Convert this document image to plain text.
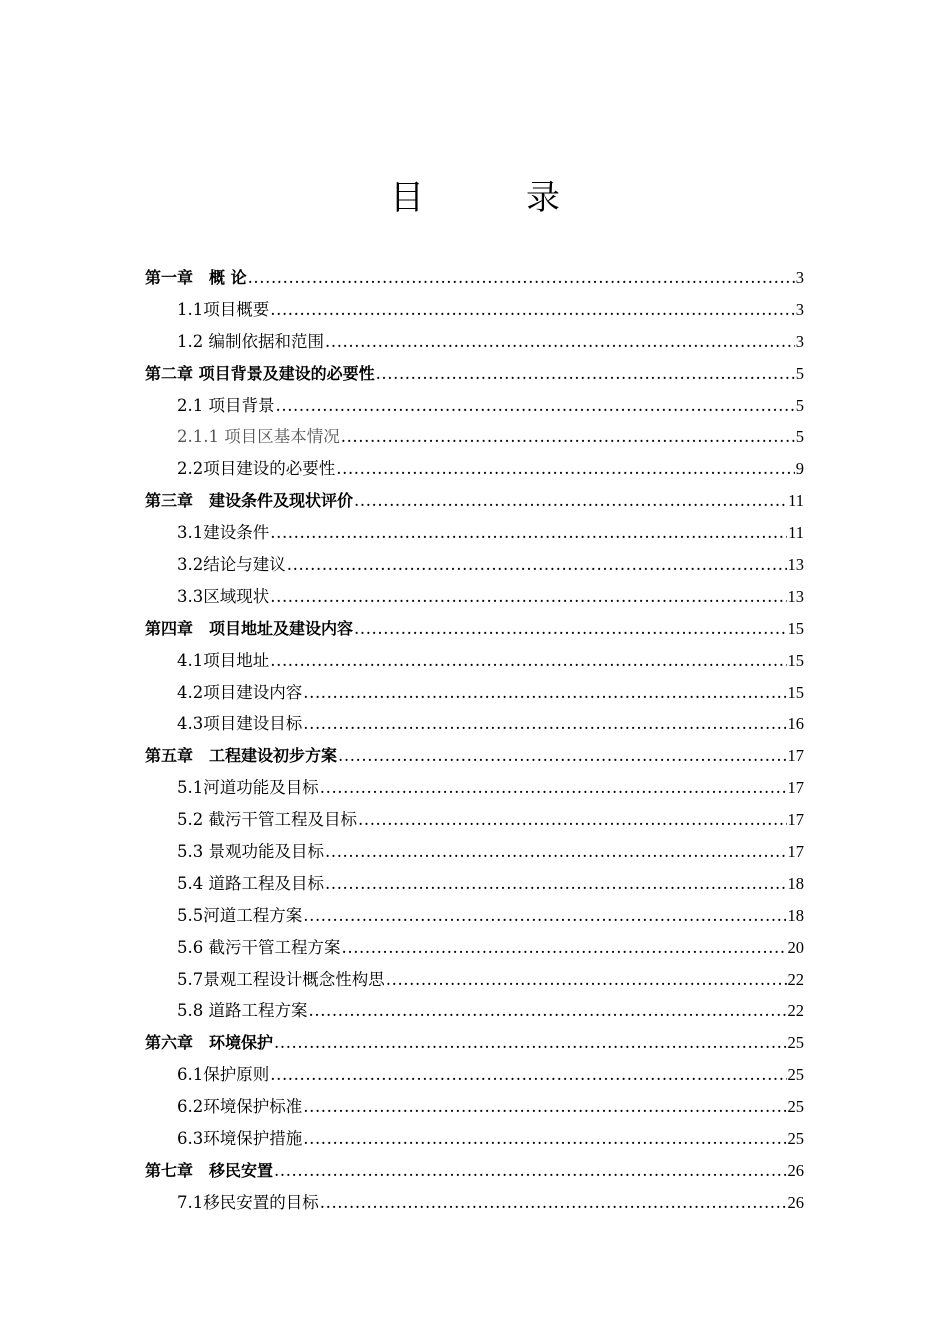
目　录
第一章　概 论 .....	3
1.1项目概要 .....	3
1.2 编制依据和范围 .....	3
第二章 项目背景及建设的必要性 .....	5
2.1 项目背景 .....	5
2.1.1 项目区基本情况 .....	5
2.2项目建设的必要性 .....	9
第三章　建设条件及现状评价 .....	11
3.1建设条件 .....	11
3.2结论与建议 .....	13
3.3区域现状 .....	13
第四章　项目地址及建设内容 .....	15
4.1项目地址 .....	15
4.2项目建设内容 .....	15
4.3项目建设目标 .....	16
第五章　工程建设初步方案 .....	17
5.1河道功能及目标 .....	17
5.2 截污干管工程及目标 .....	17
5.3 景观功能及目标 .....	17
5.4 道路工程及目标 .....	18
5.5河道工程方案 .....	18
5.6 截污干管工程方案 .....	20
5.7景观工程设计概念性构思 .....	22
5.8 道路工程方案 .....	22
第六章　环境保护 .....	25
6.1保护原则 .....	25
6.2环境保护标准 .....	25
6.3环境保护措施 .....	25
第七章　移民安置 .....	26
7.1移民安置的目标 .....	26
